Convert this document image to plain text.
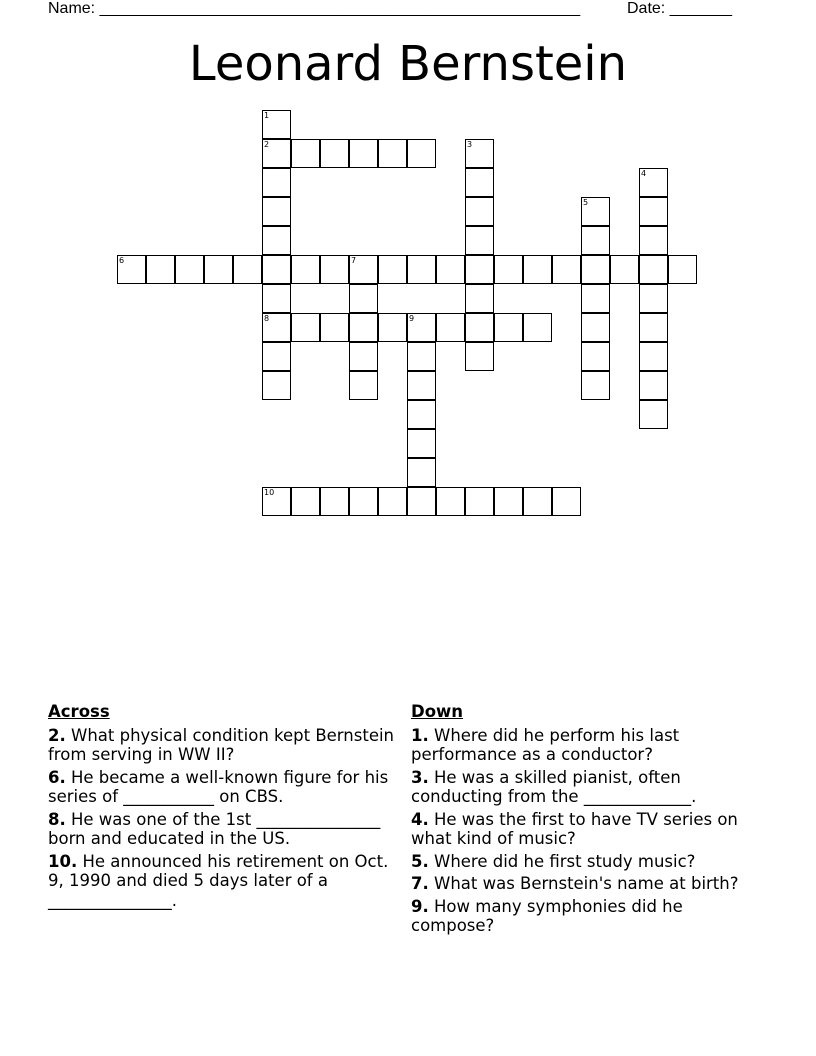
Name: ______________________________________________________	Date: _______
Leonard Bernstein
1
2
8
3
4
5
6	7
9
10
Across
2. What physical condition kept Bernstein from serving in WW II?
6. He became a well-known figure for his series of ___________ on CBS.
8. He was one of the 1st _______________ born and educated in the US.
10. He announced his retirement on Oct. 9, 1990 and died 5 days later of a _______________.
Down
1. Where did he perform his last performance as a conductor?
3. He was a skilled pianist, often conducting from the _____________.
4. He was the first to have TV series on what kind of music?
5. Where did he first study music?
7. What was Bernstein's name at birth?
9. How many symphonies did he compose?
